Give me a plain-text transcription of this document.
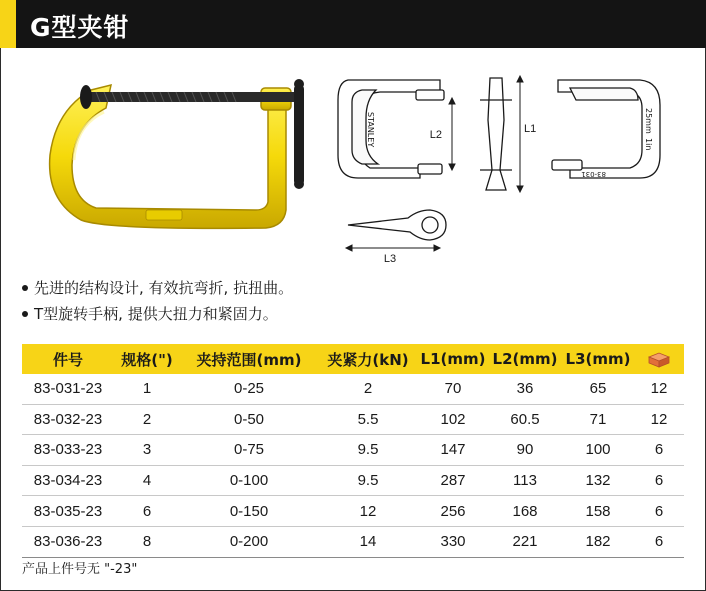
G型夹钳
STANLEY	1in
25mm
83-031
L2	L1
L3
先进的结构设计, 有效抗弯折, 抗扭曲。
T型旋转手柄, 提供大扭力和紧固力。
件号	规格(")	夹持范围(mm)	夹紧力(kN)	L1(mm)	L2(mm)	L3(mm)	
83-031-23	1	0-25	2	70	36	65	12
83-032-23	2	0-50	5.5	102	60.5	71	12
83-033-23	3	0-75	9.5	147	90	100	6
83-034-23	4	0-100	9.5	287	113	132	6
83-035-23	6	0-150	12	256	168	158	6
83-036-23	8	0-200	14	330	221	182	6
产品上件号无 "-23"
